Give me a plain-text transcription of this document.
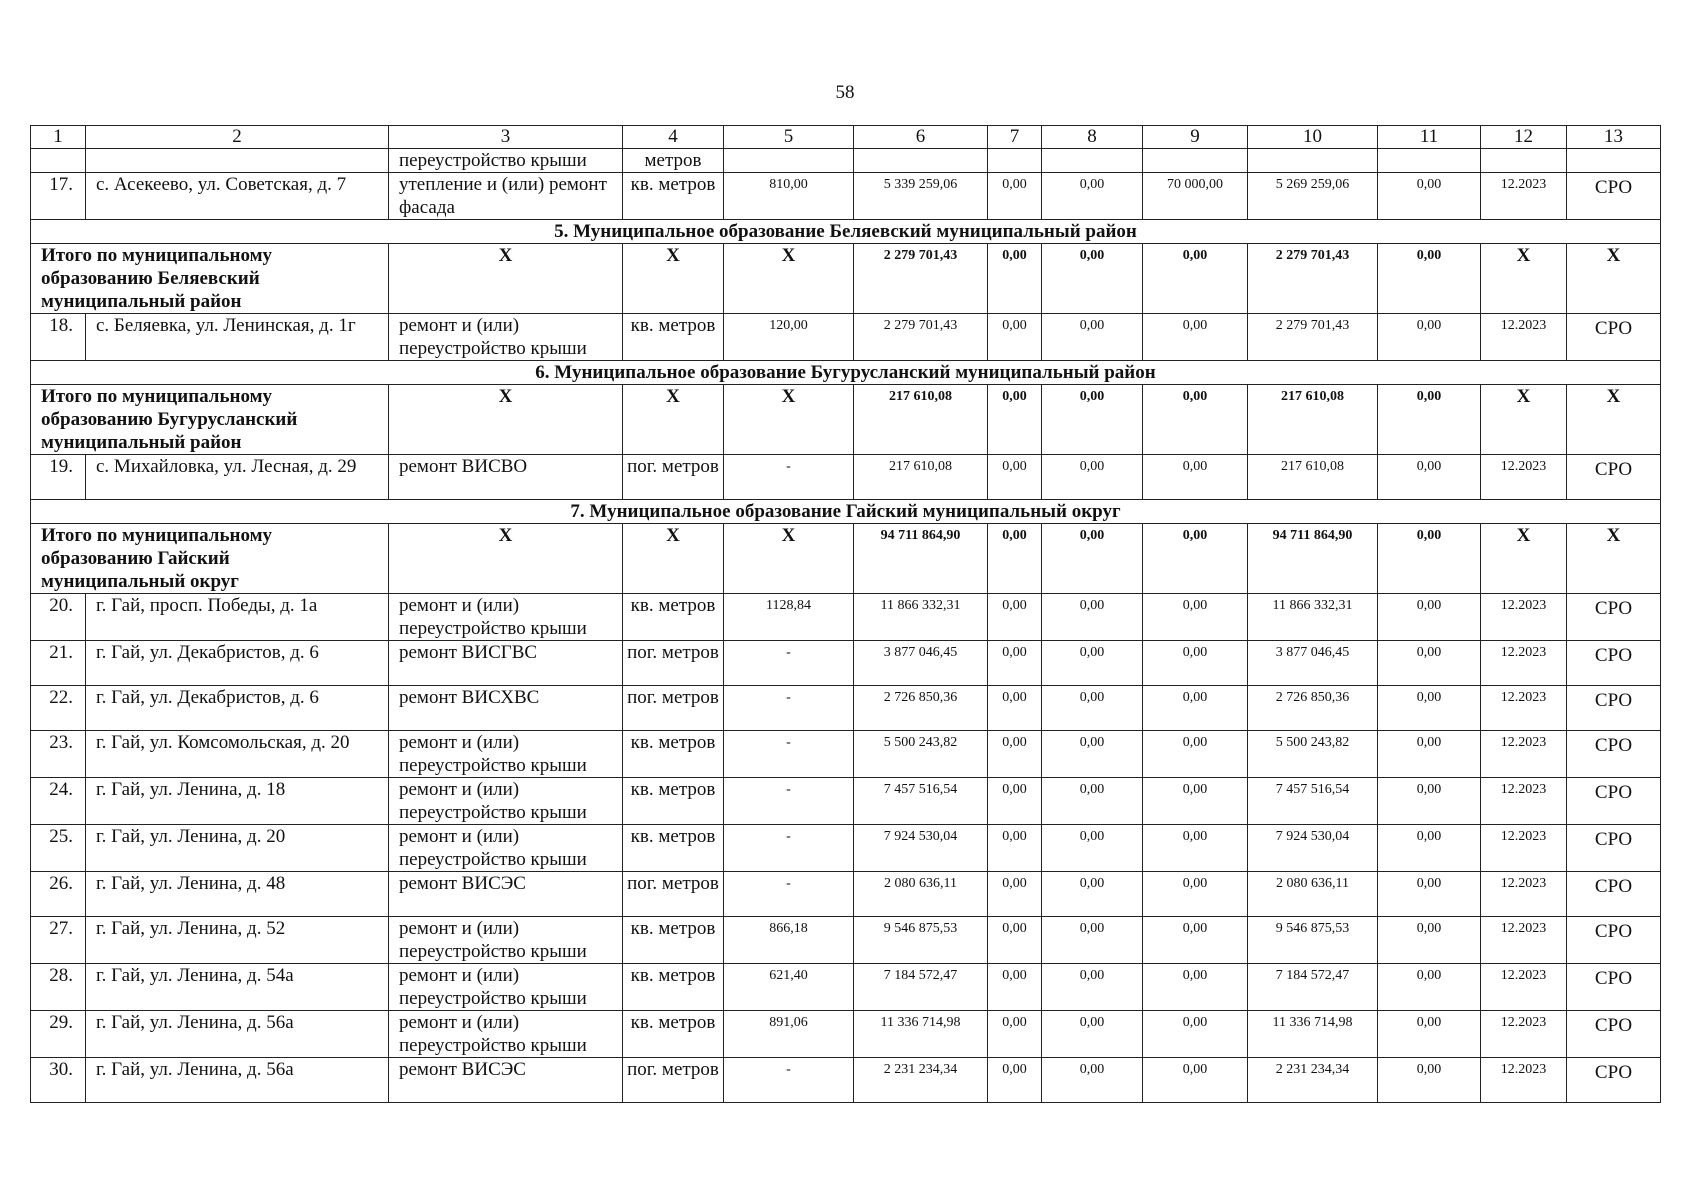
58
1	2	3	4	5	6	7	8	9	10	11	12	13
		переустройство крыши	метров									
17.	с. Асекеево, ул. Советская, д. 7	утепление и (или) ремонт фасада	кв. метров	810,00	5 339 259,06	0,00	0,00	70 000,00	5 269 259,06	0,00	12.2023	СРО
5. Муниципальное образование Беляевский муниципальный район												
Итого по муниципальному образованию Беляевский муниципальный район		X	X	X	2 279 701,43	0,00	0,00	0,00	2 279 701,43	0,00	X	X
18.	с. Беляевка, ул. Ленинская, д. 1г	ремонт и (или) переустройство крыши	кв. метров	120,00	2 279 701,43	0,00	0,00	0,00	2 279 701,43	0,00	12.2023	СРО
6. Муниципальное образование Бугурусланский муниципальный район												
Итого по муниципальному образованию Бугурусланский муниципальный район		X	X	X	217 610,08	0,00	0,00	0,00	217 610,08	0,00	X	X
19.	с. Михайловка, ул. Лесная, д. 29	ремонт ВИСВО	пог. метров	-	217 610,08	0,00	0,00	0,00	217 610,08	0,00	12.2023	СРО
7. Муниципальное образование Гайский муниципальный округ												
Итого по муниципальному образованию Гайский муниципальный округ		X	X	X	94 711 864,90	0,00	0,00	0,00	94 711 864,90	0,00	X	X
20.	г. Гай, просп. Победы, д. 1а	ремонт и (или) переустройство крыши	кв. метров	1128,84	11 866 332,31	0,00	0,00	0,00	11 866 332,31	0,00	12.2023	СРО
21.	г. Гай, ул. Декабристов, д. 6	ремонт ВИСГВС	пог. метров	-	3 877 046,45	0,00	0,00	0,00	3 877 046,45	0,00	12.2023	СРО
22.	г. Гай, ул. Декабристов, д. 6	ремонт ВИСХВС	пог. метров	-	2 726 850,36	0,00	0,00	0,00	2 726 850,36	0,00	12.2023	СРО
23.	г. Гай, ул. Комсомольская, д. 20	ремонт и (или) переустройство крыши	кв. метров	-	5 500 243,82	0,00	0,00	0,00	5 500 243,82	0,00	12.2023	СРО
24.	г. Гай, ул. Ленина, д. 18	ремонт и (или) переустройство крыши	кв. метров	-	7 457 516,54	0,00	0,00	0,00	7 457 516,54	0,00	12.2023	СРО
25.	г. Гай, ул. Ленина, д. 20	ремонт и (или) переустройство крыши	кв. метров	-	7 924 530,04	0,00	0,00	0,00	7 924 530,04	0,00	12.2023	СРО
26.	г. Гай, ул. Ленина, д. 48	ремонт ВИСЭС	пог. метров	-	2 080 636,11	0,00	0,00	0,00	2 080 636,11	0,00	12.2023	СРО
27.	г. Гай, ул. Ленина, д. 52	ремонт и (или) переустройство крыши	кв. метров	866,18	9 546 875,53	0,00	0,00	0,00	9 546 875,53	0,00	12.2023	СРО
28.	г. Гай, ул. Ленина, д. 54а	ремонт и (или) переустройство крыши	кв. метров	621,40	7 184 572,47	0,00	0,00	0,00	7 184 572,47	0,00	12.2023	СРО
29.	г. Гай, ул. Ленина, д. 56а	ремонт и (или) переустройство крыши	кв. метров	891,06	11 336 714,98	0,00	0,00	0,00	11 336 714,98	0,00	12.2023	СРО
30.	г. Гай, ул. Ленина, д. 56а	ремонт ВИСЭС	пог. метров	-	2 231 234,34	0,00	0,00	0,00	2 231 234,34	0,00	12.2023	СРО
